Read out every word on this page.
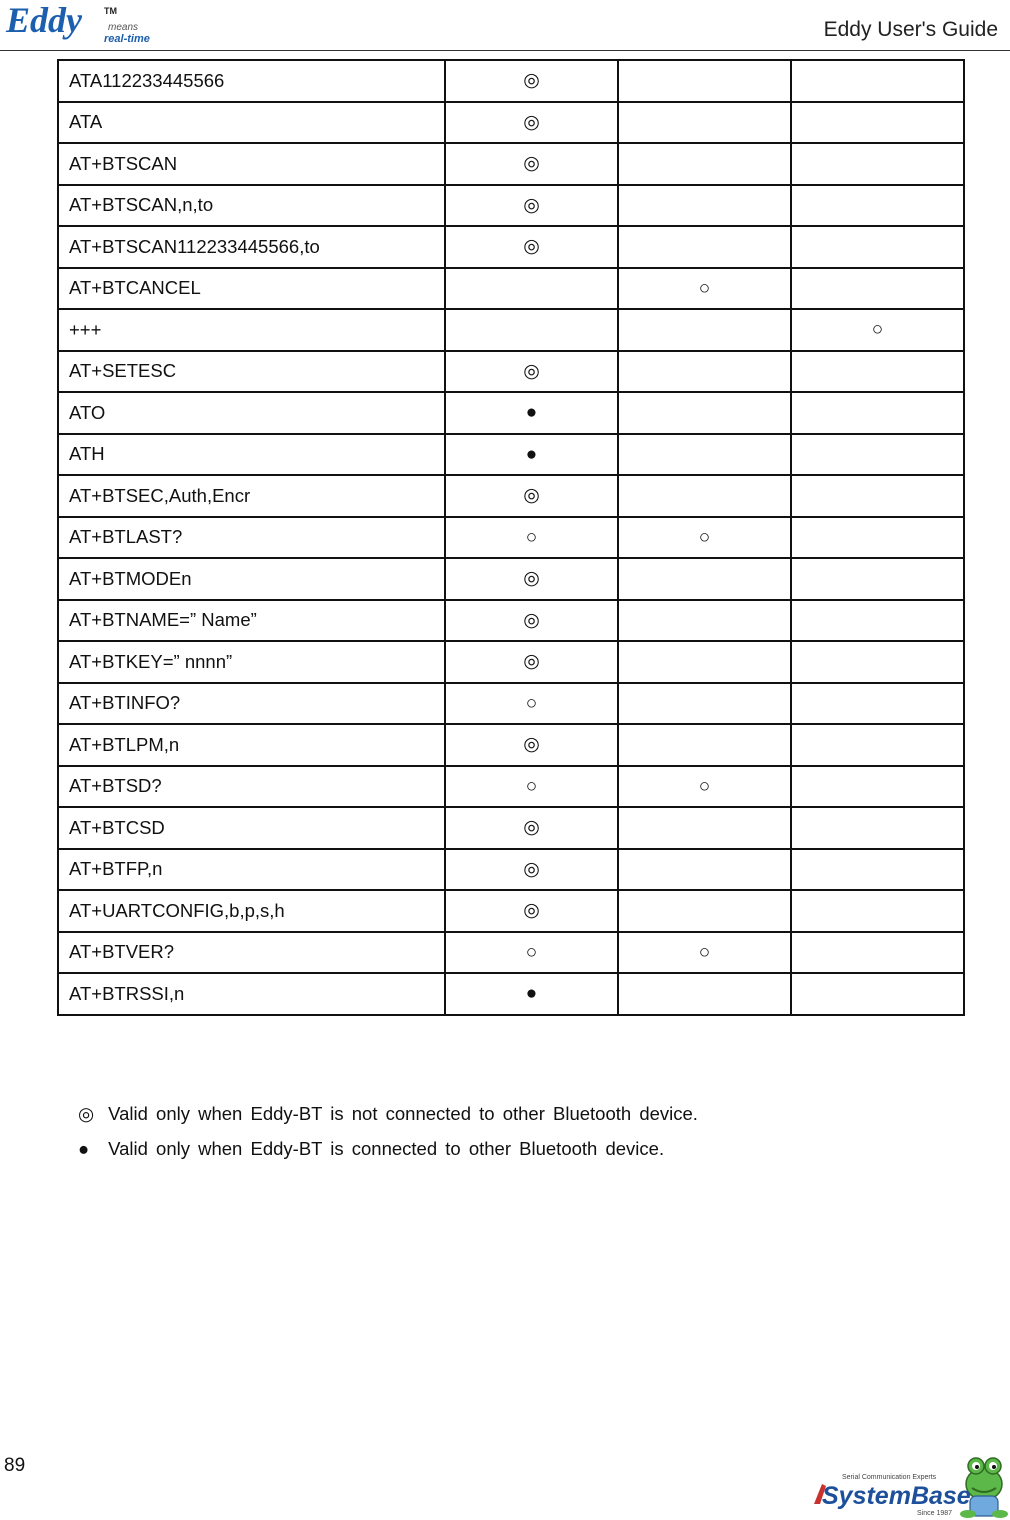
Eddy TM
means
real-time	Eddy User's Guide
ATA112233445566	◎		
ATA	◎		
AT+BTSCAN	◎		
AT+BTSCAN,n,to	◎		
AT+BTSCAN112233445566,to	◎		
AT+BTCANCEL		○	
+++			○
AT+SETESC	◎		
ATO	●		
ATH	●		
AT+BTSEC,Auth,Encr	◎		
AT+BTLAST?	○	○	
AT+BTMODEn	◎		
AT+BTNAME=” Name”	◎		
AT+BTKEY=” nnnn”	◎		
AT+BTINFO?	○		
AT+BTLPM,n	◎		
AT+BTSD?	○	○	
AT+BTCSD	◎		
AT+BTFP,n	◎		
AT+UARTCONFIG,b,p,s,h	◎		
AT+BTVER?	○	○	
AT+BTRSSI,n	●		
◎ Valid only when Eddy-BT is not connected to other Bluetooth device.
● Valid only when Eddy-BT is connected to other Bluetooth device.
89
Serial Communication Experts
SystemBase
Since 1987
